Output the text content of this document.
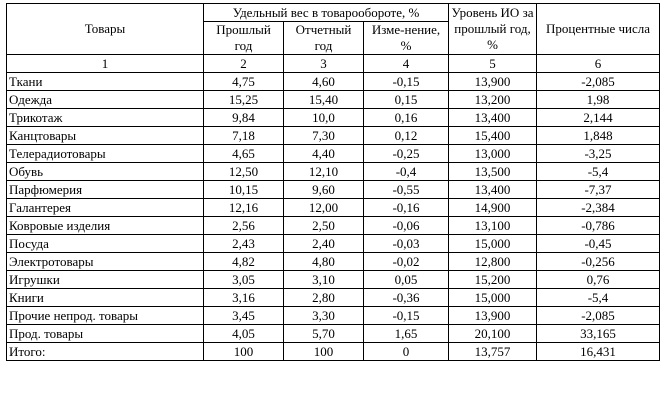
Товары	Удельный вес в товарообороте, %			Уровень ИО за прошлый год, %	Процентные числа
	Прошлый год	Отчетный год	Изме-нение, %		
1	2	3	4	5	6
Ткани	4,75	4,60	-0,15	13,900	-2,085
Одежда	15,25	15,40	0,15	13,200	1,98
Трикотаж	9,84	10,0	0,16	13,400	2,144
Канцтовары	7,18	7,30	0,12	15,400	1,848
Телерадиотовары	4,65	4,40	-0,25	13,000	-3,25
Обувь	12,50	12,10	-0,4	13,500	-5,4
Парфюмерия	10,15	9,60	-0,55	13,400	-7,37
Галантерея	12,16	12,00	-0,16	14,900	-2,384
Ковровые изделия	2,56	2,50	-0,06	13,100	-0,786
Посуда	2,43	2,40	-0,03	15,000	-0,45
Электротовары	4,82	4,80	-0,02	12,800	-0,256
Игрушки	3,05	3,10	0,05	15,200	0,76
Книги	3,16	2,80	-0,36	15,000	-5,4
Прочие непрод. товары	3,45	3,30	-0,15	13,900	-2,085
Прод. товары	4,05	5,70	1,65	20,100	33,165
Итого:	100	100	0	13,757	16,431
